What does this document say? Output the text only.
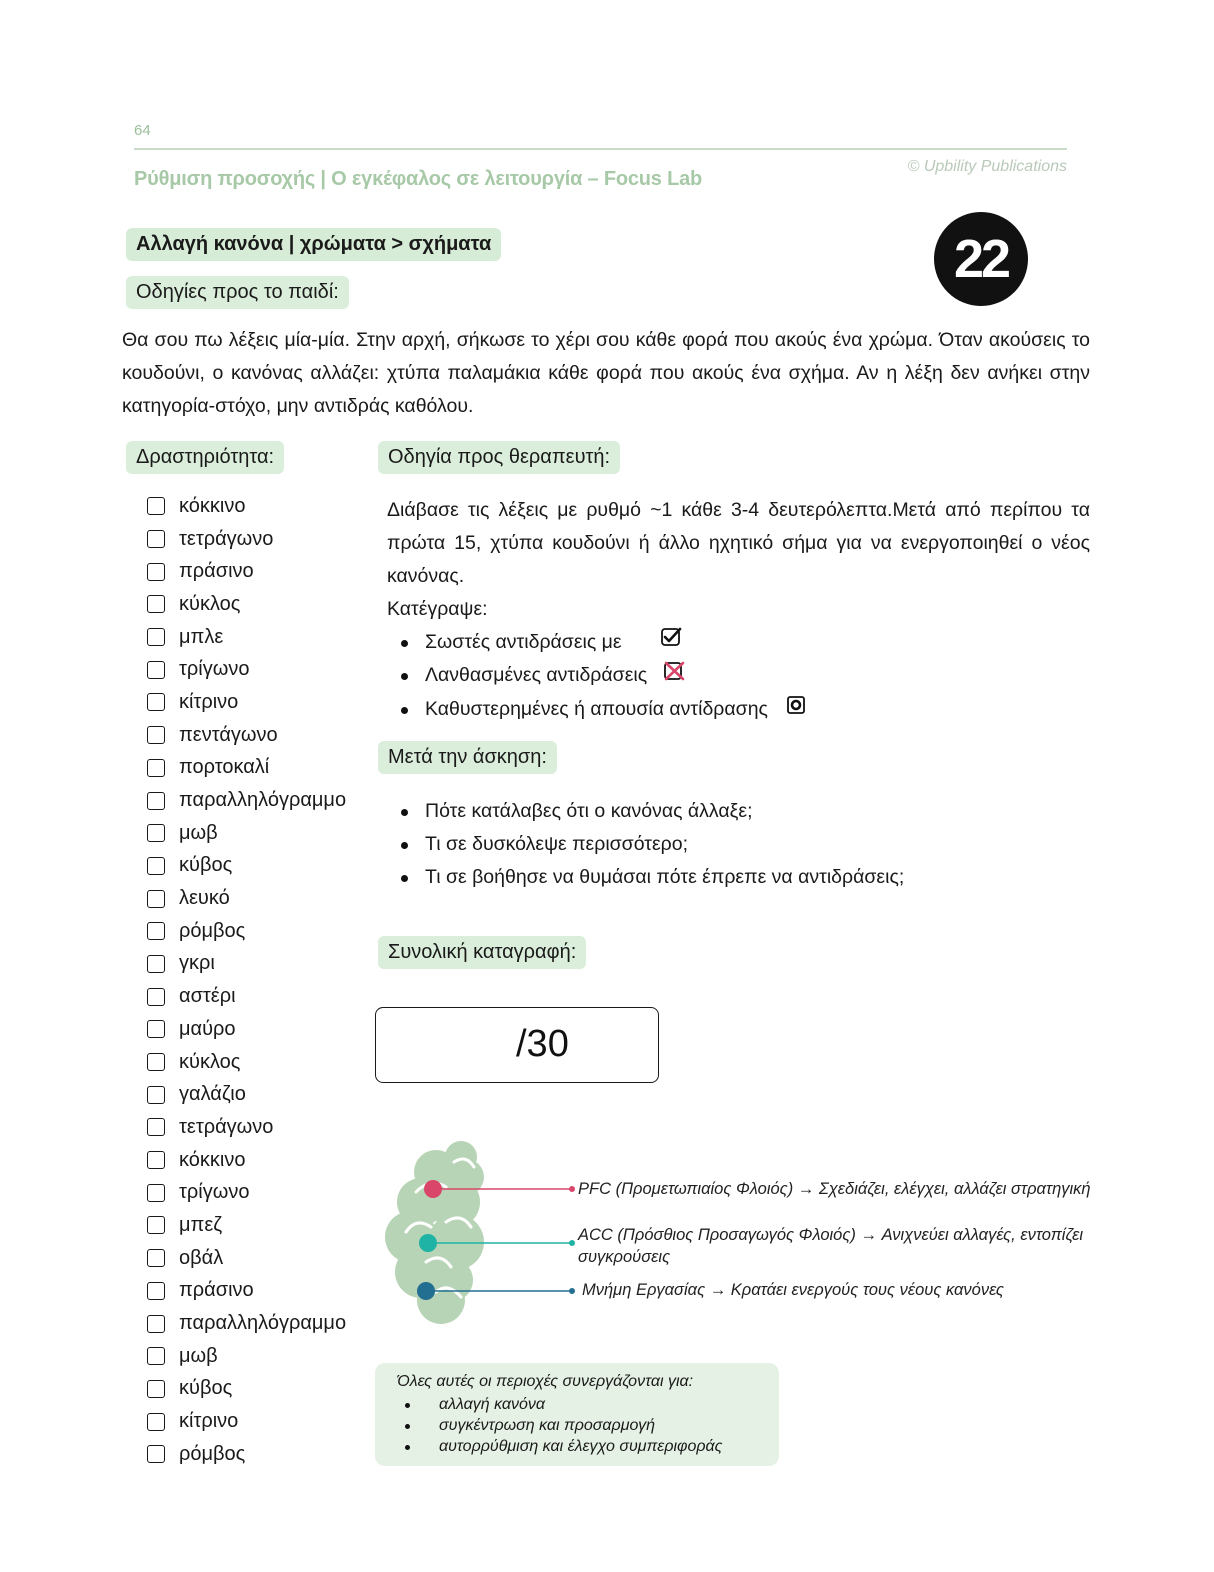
64
© Upbility Publications
Ρύθμιση προσοχής | Ο εγκέφαλος σε λειτουργία – Focus Lab
Αλλαγή κανόνα | χρώματα > σχήματα
Οδηγίες προς το παιδί:
22
Θα σου πω λέξεις μία-μία. Στην αρχή, σήκωσε το χέρι σου κάθε φορά που ακούς ένα χρώμα. Όταν ακούσεις το κουδούνι, ο κανόνας αλλάζει: χτύπα παλαμάκια κάθε φορά που ακούς ένα σχήμα. Αν η λέξη δεν ανήκει στην κατηγορία-στόχο, μην αντιδράς καθόλου.
Δραστηριότητα:
κόκκινο
τετράγωνο
πράσινο
κύκλος
μπλε
τρίγωνο
κίτρινο
πεντάγωνο
πορτοκαλί
παραλληλόγραμμο
μωβ
κύβος
λευκό
ρόμβος
γκρι
αστέρι
μαύρο
κύκλος
γαλάζιο
τετράγωνο
κόκκινο
τρίγωνο
μπεζ
οβάλ
πράσινο
παραλληλόγραμμο
μωβ
κύβος
κίτρινο
ρόμβος
Οδηγία προς θεραπευτή:
Διάβασε τις λέξεις με ρυθμό ~1 κάθε 3-4 δευτερόλεπτα.Μετά από περίπου τα πρώτα 15, χτύπα κουδούνι ή άλλο ηχητικό σήμα για να ενεργοποιηθεί ο νέος κανόνας.
Κατέγραψε:
Σωστές αντιδράσεις με
Λανθασμένες αντιδράσεις
Καθυστερημένες ή απουσία αντίδρασης
Μετά την άσκηση:
Πότε κατάλαβες ότι ο κανόνας άλλαξε;
Τι σε δυσκόλεψε περισσότερο;
Τι σε βοήθησε να θυμάσαι πότε έπρεπε να αντιδράσεις;
Συνολική καταγραφή:
/30
PFC (Προμετωπιαίος Φλοιός) → Σχεδιάζει, ελέγχει, αλλάζει στρατηγική
ACC (Πρόσθιος Προσαγωγός Φλοιός) → Ανιχνεύει αλλαγές, εντοπίζει συγκρούσεις
Μνήμη Εργασίας → Κρατάει ενεργούς τους νέους κανόνες
Όλες αυτές οι περιοχές συνεργάζονται για:
αλλαγή κανόνα
συγκέντρωση και προσαρμογή
αυτορρύθμιση και έλεγχο συμπεριφοράς
